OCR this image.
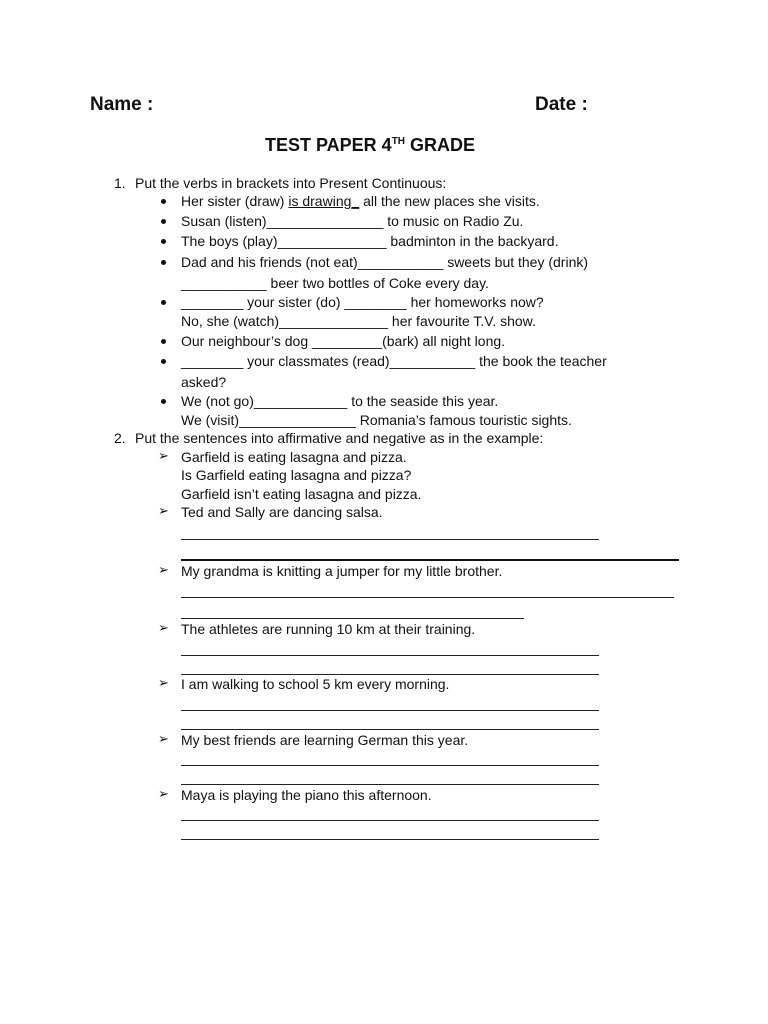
Name :	Date :
TEST PAPER 4TH GRADE
1. Put the verbs in brackets into Present Continuous:
Her sister (draw) is drawing_ all the new places she visits.
Susan (listen)_______________ to music on Radio Zu.
The boys (play)______________ badminton in the backyard.
Dad and his friends (not eat)___________ sweets but they (drink)
___________ beer two bottles of Coke every day.
________ your sister (do) ________ her homeworks now?
No, she (watch)______________ her favourite T.V. show.
Our neighbour’s dog _________(bark) all night long.
________ your classmates (read)___________ the book the teacher
asked?
We (not go)____________ to the seaside this year.
We (visit)_______________ Romania’s famous touristic sights.
2. Put the sentences into affirmative and negative as in the example:
➢ Garfield is eating lasagna and pizza.
Is Garfield eating lasagna and pizza?
Garfield isn’t eating lasagna and pizza.
➢ Ted and Sally are dancing salsa.
➢ My grandma is knitting a jumper for my little brother.
➢ The athletes are running 10 km at their training.
➢ I am walking to school 5 km every morning.
➢ My best friends are learning German this year.
➢ Maya is playing the piano this afternoon.
